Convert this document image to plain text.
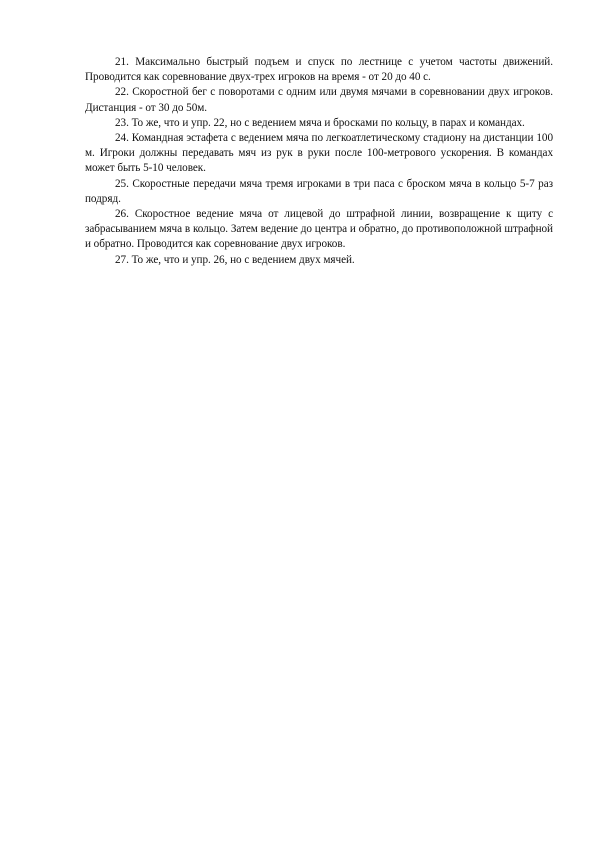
21. Максимально быстрый подъем и спуск по лестнице с учетом частоты движений. Проводится как соревнование двух-трех игроков на время - от 20 до 40 с.

22. Скоростной бег с поворотами с одним или двумя мячами в соревновании двух игроков. Дистанция - от 30 до 50м.

23. То же, что и упр. 22, но с ведением мяча и бросками по кольцу, в парах и командах.

24. Командная эстафета с ведением мяча по легкоатлетическому стадиону на дистанции 100 м. Игроки должны передавать мяч из рук в руки после 100-метрового ускорения. В командах может быть 5-10 человек.

25. Скоростные передачи мяча тремя игроками в три паса с броском мяча в кольцо 5-7 раз подряд.

26. Скоростное ведение мяча от лицевой до штрафной линии, возвращение к щиту с забрасыванием мяча в кольцо. Затем ведение до центра и обратно, до противоположной штрафной и обратно. Проводится как соревнование двух игроков.

27. То же, что и упр. 26, но с ведением двух мячей.
